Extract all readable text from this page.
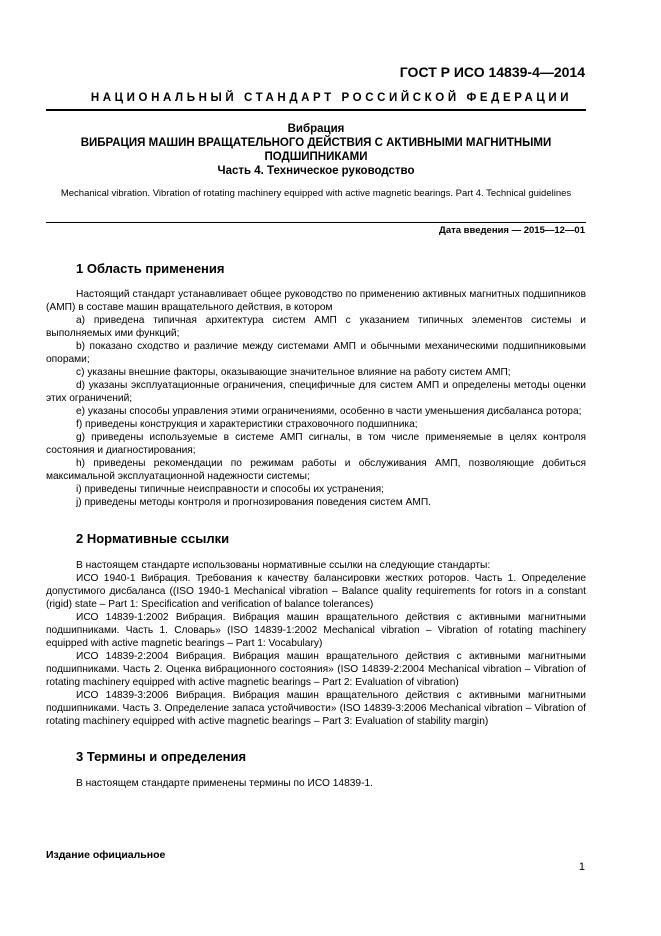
ГОСТ Р ИСО 14839-4—2014
НАЦИОНАЛЬНЫЙ СТАНДАРТ РОССИЙСКОЙ ФЕДЕРАЦИИ
Вибрация
ВИБРАЦИЯ МАШИН ВРАЩАТЕЛЬНОГО ДЕЙСТВИЯ С АКТИВНЫМИ МАГНИТНЫМИ
ПОДШИПНИКАМИ
Часть 4. Техническое руководство
Mechanical vibration. Vibration of rotating machinery equipped with active magnetic bearings. Part 4. Technical guidelines
Дата введения — 2015—12—01
1 Область применения

Настоящий стандарт устанавливает общее руководство по применению активных магнитных подшипников (АМП) в составе машин вращательного действия, в котором

a) приведена типичная архитектура систем АМП с указанием типичных элементов системы и выполняемых ими функций;

b) показано сходство и различие между системами АМП и обычными механическими подшипниковыми опорами;

c) указаны внешние факторы, оказывающие значительное влияние на работу систем АМП;

d) указаны эксплуатационные ограничения, специфичные для систем АМП и определены методы оценки этих ограничений;

e) указаны способы управления этими ограничениями, особенно в части уменьшения дисбаланса ротора;

f) приведены конструкция и характеристики страховочного подшипника;

g) приведены используемые в системе АМП сигналы, в том числе применяемые в целях контроля состояния и диагностирования;

h) приведены рекомендации по режимам работы и обслуживания АМП, позволяющие добиться максимальной эксплуатационной надежности системы;

i) приведены типичные неисправности и способы их устранения;

j) приведены методы контроля и прогнозирования поведения систем АМП.

2 Нормативные ссылки

В настоящем стандарте использованы нормативные ссылки на следующие стандарты:

ИСО 1940-1 Вибрация. Требования к качеству балансировки жестких роторов. Часть 1. Определение допустимого дисбаланса ((ISO 1940-1 Mechanical vibration – Balance quality requirements for rotors in a constant (rigid) state – Part 1: Specification and verification of balance tolerances)

ИСО 14839-1:2002 Вибрация. Вибрация машин вращательного действия с активными магнитными подшипниками. Часть 1. Словарь» (ISO 14839-1:2002 Mechanical vibration – Vibration of rotating machinery equipped with active magnetic bearings – Part 1: Vocabulary)

ИСО 14839-2:2004 Вибрация. Вибрация машин вращательного действия с активными магнитными подшипниками. Часть 2. Оценка вибрационного состояния» (ISO 14839-2:2004 Mechanical vibration – Vibration of rotating machinery equipped with active magnetic bearings – Part 2: Evaluation of vibration)

ИСО 14839-3:2006 Вибрация. Вибрация машин вращательного действия с активными магнитными подшипниками. Часть 3. Определение запаса устойчивости» (ISO 14839-3:2006 Mechanical vibration – Vibration of rotating machinery equipped with active magnetic bearings – Part 3: Evaluation of stability margin)

3 Термины и определения

В настоящем стандарте применены термины по ИСО 14839-1.

Издание официальное
1
